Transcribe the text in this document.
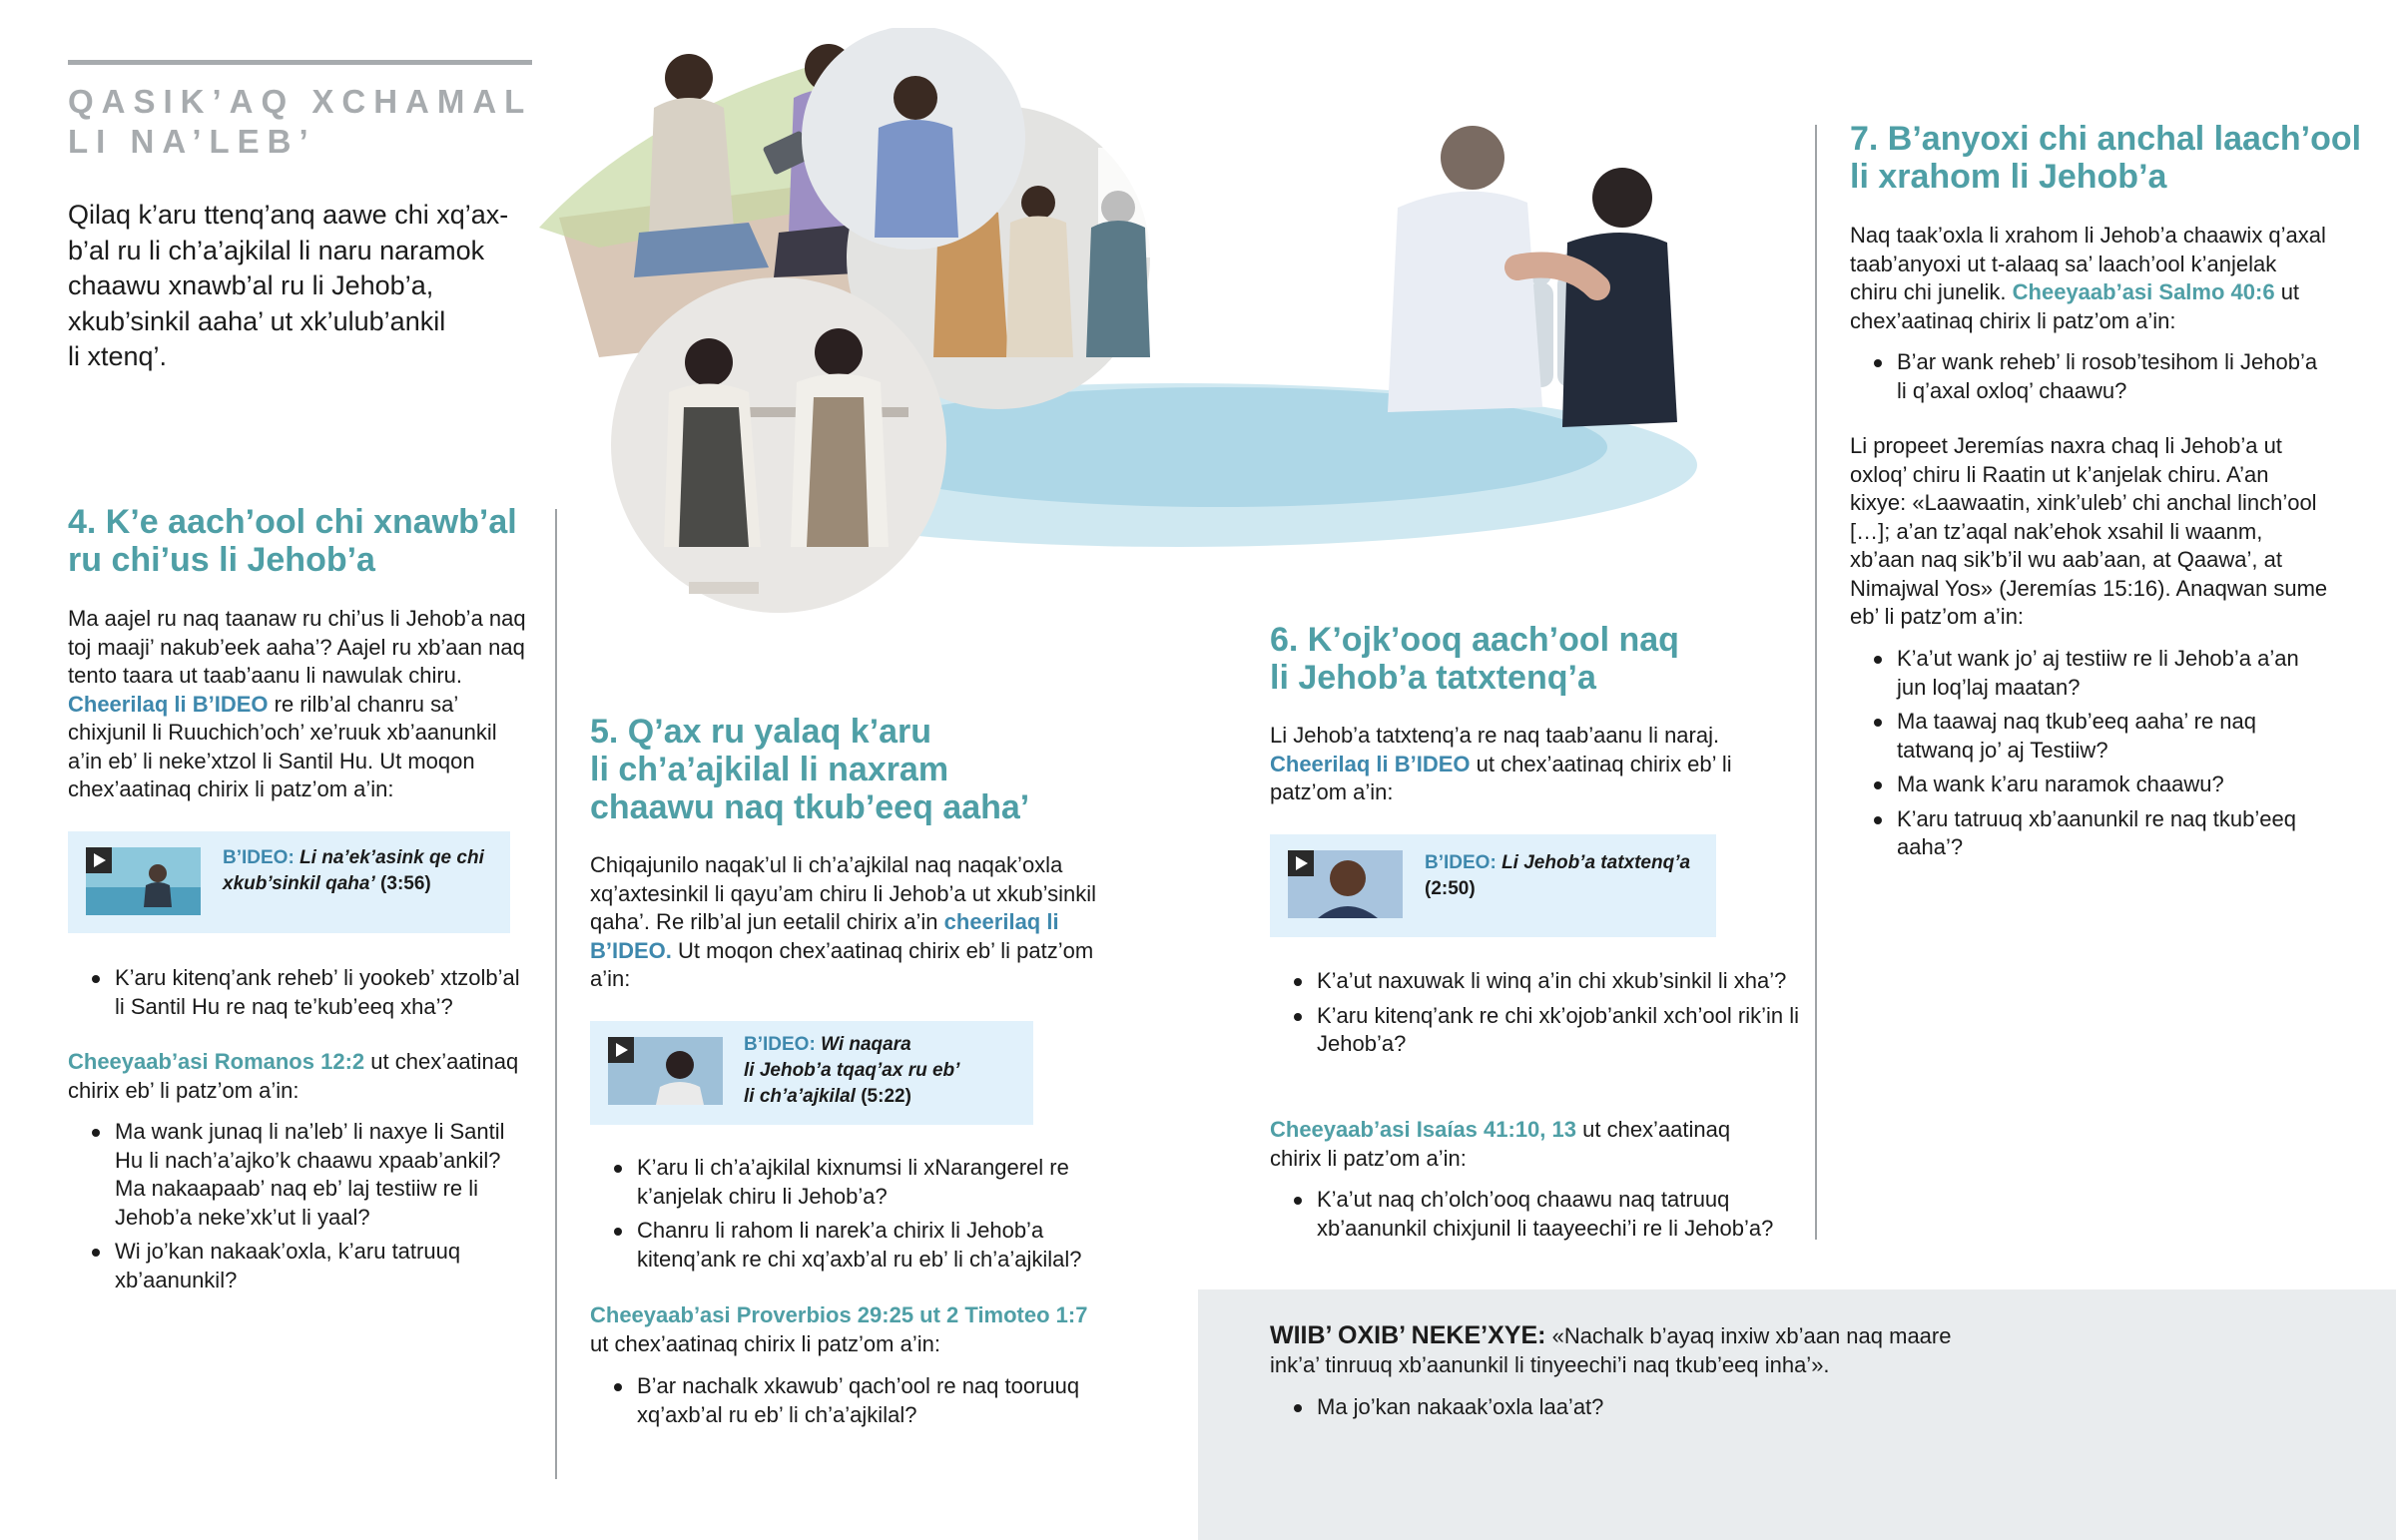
QASIK’AQ XCHAMAL
LI NA’LEB’
Qilaq k’aru ttenq’anq aawe chi xq’ax-
b’al ru li ch’a’ajkilal li naru naramok
chaawu xnawb’al ru li Jehob’a,
xkub’sinkil aaha’ ut xk’ulub’ankil
li xtenq’.
4. K’e aach’ool chi xnawb’al
ru chi’us li Jehob’a
Ma aajel ru naq taanaw ru chi’us li Jehob’a naq toj maaji’ nakub’eek aaha’? Aajel ru xb’aan naq tento taara ut taab’aanu li nawulak chiru. Cheerilaq li B’IDEO re rilb’al chanru sa’ chixjunil li Ruuchich’och’ xe’ruuk xb’aanunkil a’in eb’ li neke’xtzol li Santil Hu. Ut moqon chex’aatinaq chirix li patz’om a’in:
B’IDEO: Li na’ek’asink qe chi
xkub’sinkil qaha’ (3:56)
K’aru kitenq’ank reheb’ li yookeb’ xtzolb’al li Santil Hu re naq te’kub’eeq xha’?
Cheeyaab’asi Romanos 12:2 ut chex’aatinaq chirix eb’ li patz’om a’in:
Ma wank junaq li na’leb’ li naxye li Santil Hu li nach’a’ajko’k chaawu xpaab’ankil? Ma nakaapaab’ naq eb’ laj testiiw re li Jehob’a neke’xk’ut li yaal?
Wi jo’kan nakaak’oxla, k’aru tatruuq xb’aanunkil?
5. Q’ax ru yalaq k’aru
li ch’a’ajkilal li naxram
chaawu naq tkub’eeq aaha’
Chiqajunilo naqak’ul li ch’a’ajkilal naq naqak’oxla xq’axtesinkil li qayu’am chiru li Jehob’a ut xkub’sinkil qaha’. Re rilb’al jun eetalil chirix a’in cheerilaq li B’IDEO. Ut moqon chex’aatinaq chirix eb’ li patz’om a’in:
B’IDEO: Wi naqara
li Jehob’a tqaq’ax ru eb’
li ch’a’ajkilal (5:22)
K’aru li ch’a’ajkilal kixnumsi li xNarangerel re k’anjelak chiru li Jehob’a?
Chanru li rahom li narek’a chirix li Jehob’a kitenq’ank re chi xq’axb’al ru eb’ li ch’a’ajkilal?
Cheeyaab’asi Proverbios 29:25 ut 2 Timoteo 1:7
ut chex’aatinaq chirix li patz’om a’in:
B’ar nachalk xkawub’ qach’ool re naq tooruuq xq’axb’al ru eb’ li ch’a’ajkilal?
6. K’ojk’ooq aach’ool naq
li Jehob’a tatxtenq’a
Li Jehob’a tatxtenq’a re naq taab’aanu li naraj. Cheerilaq li B’IDEO ut chex’aatinaq chirix eb’ li patz’om a’in:
B’IDEO: Li Jehob’a tatxtenq’a
(2:50)
K’a’ut naxuwak li winq a’in chi xkub’sinkil li xha’?
K’aru kitenq’ank re chi xk’ojob’ankil xch’ool rik’in li Jehob’a?
Cheeyaab’asi Isaías 41:10, 13 ut chex’aatinaq chirix li patz’om a’in:
K’a’ut naq ch’olch’ooq chaawu naq tatruuq xb’aanunkil chixjunil li taayeechi’i re li Jehob’a?
7. B’anyoxi chi anchal laach’ool
li xrahom li Jehob’a
Naq taak’oxla li xrahom li Jehob’a chaawix q’axal taab’anyoxi ut t-alaaq sa’ laach’ool k’anjelak chiru chi junelik. Cheeyaab’asi Salmo 40:6 ut chex’aatinaq chirix li patz’om a’in:
B’ar wank reheb’ li rosob’tesihom li Jehob’a li q’axal oxloq’ chaawu?
Li propeet Jeremías naxra chaq li Jehob’a ut oxloq’ chiru li Raatin ut k’anjelak chiru. A’an kixye: «Laawaatin, xink’uleb’ chi anchal linch’ool […]; a’an tz’aqal nak’ehok xsahil li waanm, xb’aan naq sik’b’il wu aab’aan, at Qaawa’, at Nimajwal Yos» (Jeremías 15:16). Anaqwan sume eb’ li patz’om a’in:
K’a’ut wank jo’ aj testiiw re li Jehob’a a’an jun loq’laj maatan?
Ma taawaj naq tkub’eeq aaha’ re naq tatwanq jo’ aj Testiiw?
Ma wank k’aru naramok chaawu?
K’aru tatruuq xb’aanunkil re naq tkub’eeq aaha’?
WIIB’ OXIB’ NEKE’XYE: «Nachalk b’ayaq inxiw xb’aan naq maare
ink’a’ tinruuq xb’aanunkil li tinyeechi’i naq tkub’eeq inha’».
Ma jo’kan nakaak’oxla laa’at?
